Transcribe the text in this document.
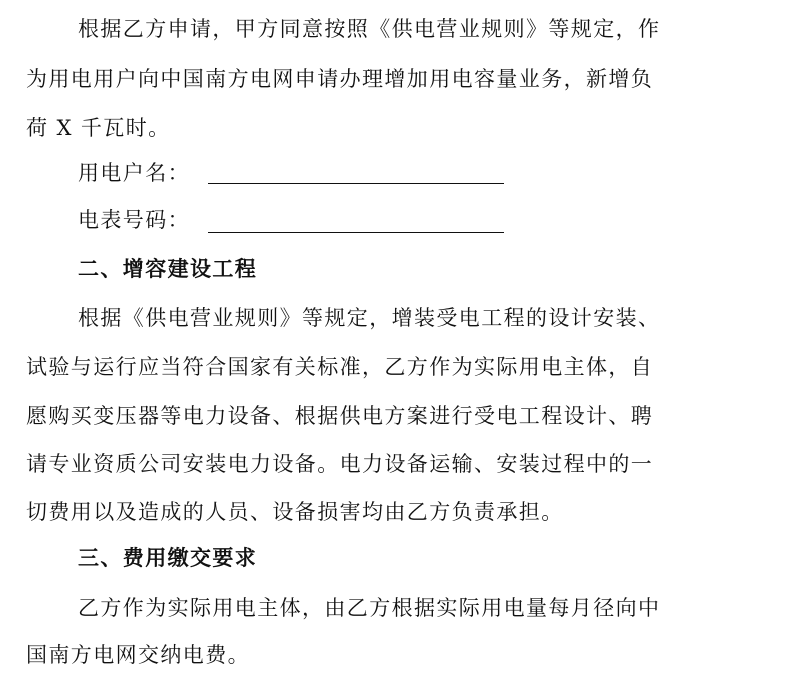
根据乙方申请，甲方同意按照《供电营业规则》等规定，作
为用电用户向中国南方电网申请办理增加用电容量业务，新增负
荷 X 千瓦时。
用电户名：
电表号码：
二、增容建设工程
根据《供电营业规则》等规定，增装受电工程的设计安装、
试验与运行应当符合国家有关标准，乙方作为实际用电主体，自
愿购买变压器等电力设备、根据供电方案进行受电工程设计、聘
请专业资质公司安装电力设备。电力设备运输、安装过程中的一
切费用以及造成的人员、设备损害均由乙方负责承担。
三、费用缴交要求
乙方作为实际用电主体，由乙方根据实际用电量每月径向中
国南方电网交纳电费。
